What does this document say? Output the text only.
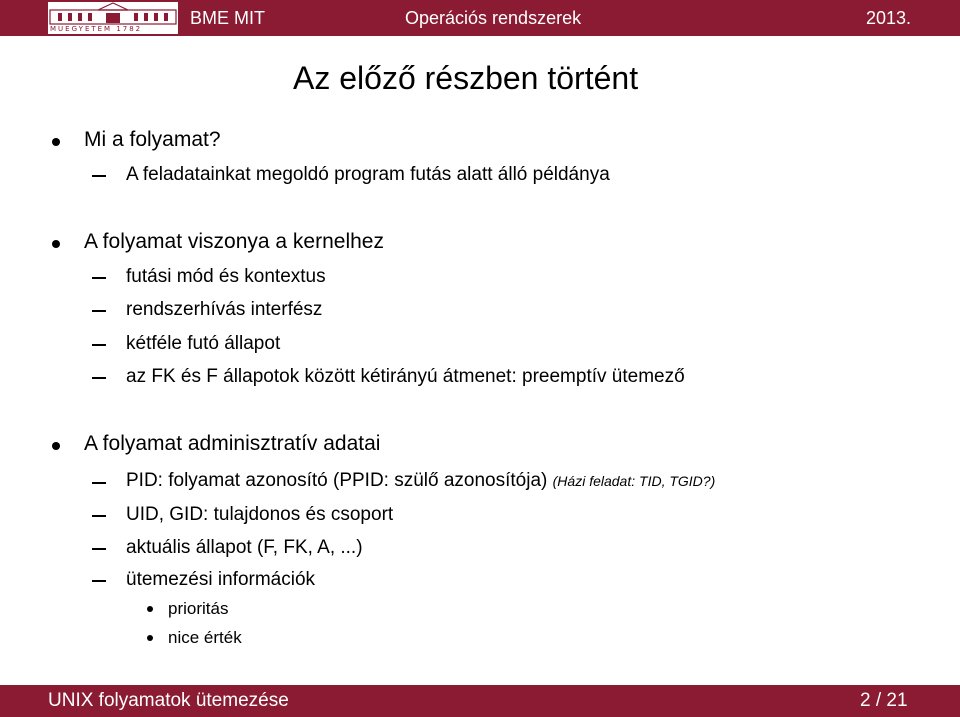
MŰEGYETEM 1782
BME MIT	Operációs rendszerek	2013.
Az előző részben történt
Mi a folyamat?
A feladatainkat megoldó program futás alatt álló példánya
A folyamat viszonya a kernelhez
futási mód és kontextus
rendszerhívás interfész
kétféle futó állapot
az FK és F állapotok között kétirányú átmenet: preemptív ütemező
A folyamat adminisztratív adatai
PID: folyamat azonosító (PPID: szülő azonosítója) (Házi feladat: TID, TGID?)
UID, GID: tulajdonos és csoport
aktuális állapot (F, FK, A, ...)
ütemezési információk
prioritás
nice érték
UNIX folyamatok ütemezése	2 / 21
